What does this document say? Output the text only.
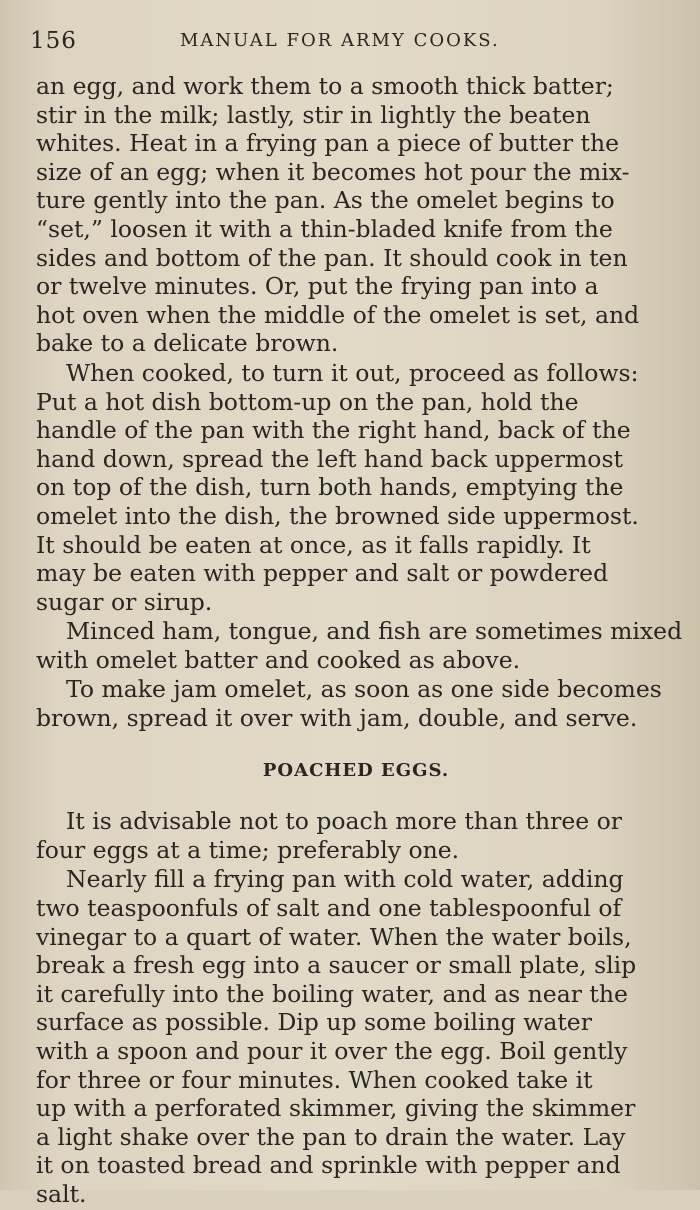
156	MANUAL FOR ARMY COOKS.
an egg, and work them to a smooth thick batter;
stir in the milk; lastly, stir in lightly the beaten
whites. Heat in a frying pan a piece of butter the
size of an egg; when it becomes hot pour the mix-
ture gently into the pan. As the omelet begins to
“set,” loosen it with a thin-bladed knife from the
sides and bottom of the pan. It should cook in ten
or twelve minutes. Or, put the frying pan into a
hot oven when the middle of the omelet is set, and
bake to a delicate brown.
When cooked, to turn it out, proceed as follows:
Put a hot dish bottom-up on the pan, hold the
handle of the pan with the right hand, back of the
hand down, spread the left hand back uppermost
on top of the dish, turn both hands, emptying the
omelet into the dish, the browned side uppermost.
It should be eaten at once, as it falls rapidly. It
may be eaten with pepper and salt or powdered
sugar or sirup.
Minced ham, tongue, and fish are sometimes mixed
with omelet batter and cooked as above.
To make jam omelet, as soon as one side becomes
brown, spread it over with jam, double, and serve.
POACHED EGGS.
It is advisable not to poach more than three or
four eggs at a time; preferably one.
Nearly fill a frying pan with cold water, adding
two teaspoonfuls of salt and one tablespoonful of
vinegar to a quart of water. When the water boils,
break a fresh egg into a saucer or small plate, slip
it carefully into the boiling water, and as near the
surface as possible. Dip up some boiling water
with a spoon and pour it over the egg. Boil gently
for three or four minutes. When cooked take it
up with a perforated skimmer, giving the skimmer
a light shake over the pan to drain the water. Lay
it on toasted bread and sprinkle with pepper and
salt.
